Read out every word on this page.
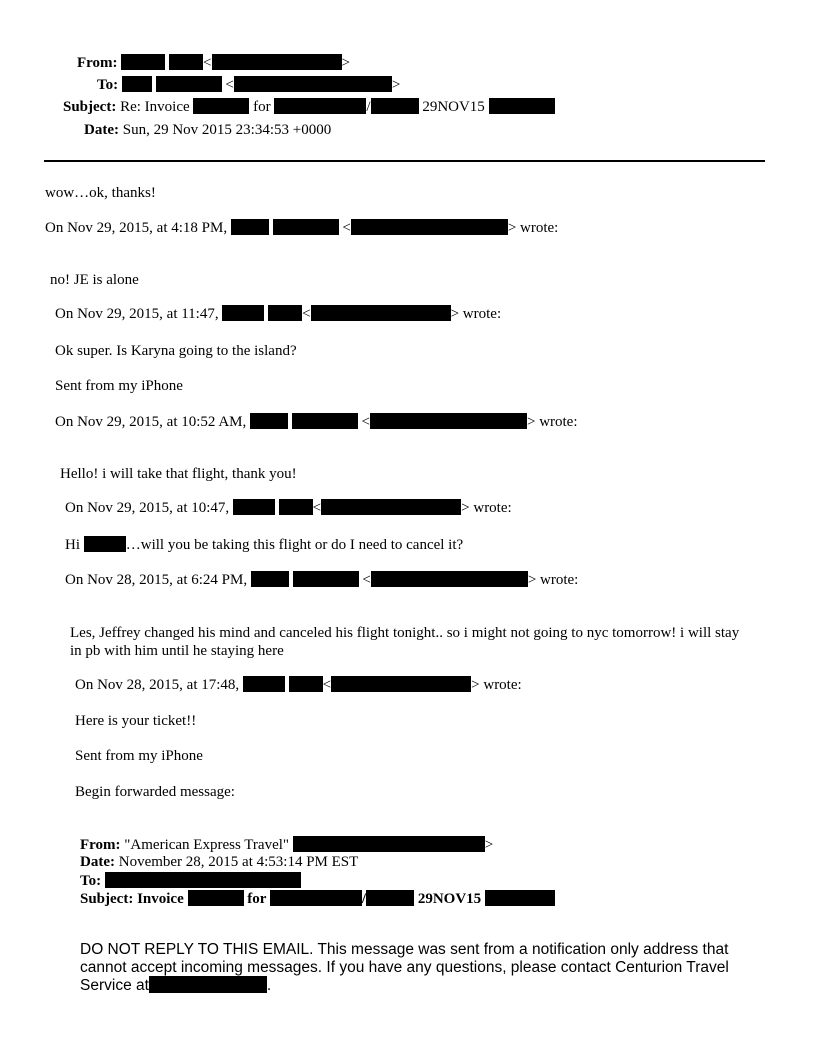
From:	<	>
To:	<	>
Subject: Re: Invoice	for	/	29NOV15
Date: Sun, 29 Nov 2015 23:34:53 +0000
wow…ok, thanks!
On Nov 29, 2015, at 4:18 PM,	<	> wrote:
no! JE is alone
On Nov 29, 2015, at 11:47,	<	> wrote:
Ok super. Is Karyna going to the island?
Sent from my iPhone
On Nov 29, 2015, at 10:52 AM,	<	> wrote:
Hello! i will take that flight, thank you!
On Nov 29, 2015, at 10:47,	<	> wrote:
Hi	…will you be taking this flight or do I need to cancel it?
On Nov 28, 2015, at 6:24 PM,	<	> wrote:
Les, Jeffrey changed his mind and canceled his flight tonight.. so i might not going to nyc tomorrow! i will stay in pb with him until he staying here
On Nov 28, 2015, at 17:48,	<	> wrote:
Here is your ticket!!
Sent from my iPhone
Begin forwarded message:
From: "American Express Travel"	>
Date: November 28, 2015 at 4:53:14 PM EST
To:
Subject: Invoice	for	/	29NOV15
DO NOT REPLY TO THIS EMAIL. This message was sent from a notification only address that cannot accept incoming messages. If you have any questions, please contact Centurion Travel Service at	.
